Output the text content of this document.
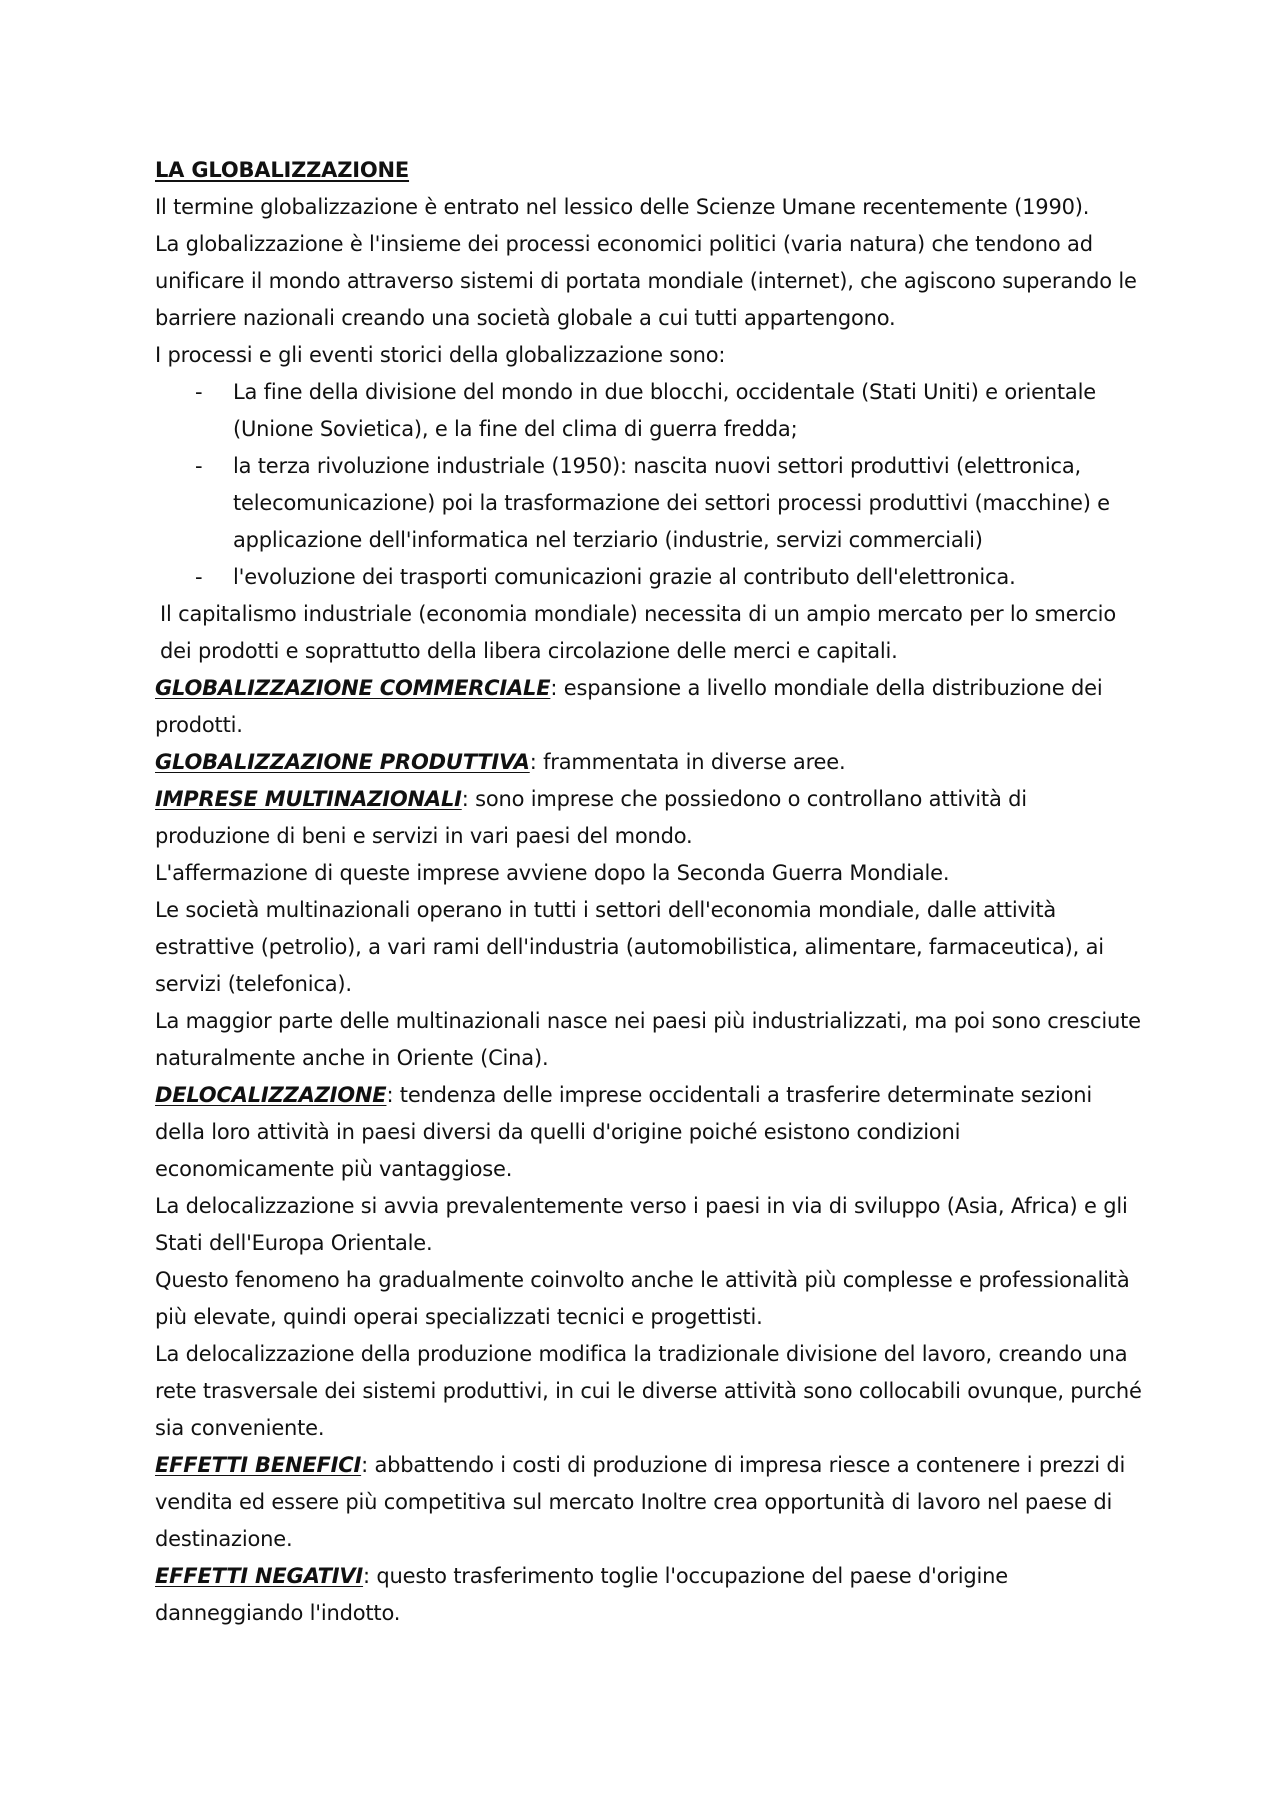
LA GLOBALIZZAZIONE

Il termine globalizzazione è entrato nel lessico delle Scienze Umane recentemente (1990).

La globalizzazione è l'insieme dei processi economici politici (varia natura) che tendono ad unificare il mondo attraverso sistemi di portata mondiale (internet), che agiscono superando le barriere nazionali creando una società globale a cui tutti appartengono.

I processi e gli eventi storici della globalizzazione sono:

- La fine della divisione del mondo in due blocchi, occidentale (Stati Uniti) e orientale (Unione Sovietica), e la fine del clima di guerra fredda;
- la terza rivoluzione industriale (1950): nascita nuovi settori produttivi (elettronica, telecomunicazione) poi la trasformazione dei settori processi produttivi (macchine) e applicazione dell'informatica nel terziario (industrie, servizi commerciali)
- l'evoluzione dei trasporti comunicazioni grazie al contributo dell'elettronica.

Il capitalismo industriale (economia mondiale) necessita di un ampio mercato per lo smercio dei prodotti e soprattutto della libera circolazione delle merci e capitali.

GLOBALIZZAZIONE COMMERCIALE: espansione a livello mondiale della distribuzione dei prodotti.

GLOBALIZZAZIONE PRODUTTIVA: frammentata in diverse aree.

IMPRESE MULTINAZIONALI: sono imprese che possiedono o controllano attività di produzione di beni e servizi in vari paesi del mondo.

L'affermazione di queste imprese avviene dopo la Seconda Guerra Mondiale.

Le società multinazionali operano in tutti i settori dell'economia mondiale, dalle attività estrattive (petrolio), a vari rami dell'industria (automobilistica, alimentare, farmaceutica), ai servizi (telefonica).

La maggior parte delle multinazionali nasce nei paesi più industrializzati, ma poi sono cresciute naturalmente anche in Oriente (Cina).

DELOCALIZZAZIONE: tendenza delle imprese occidentali a trasferire determinate sezioni della loro attività in paesi diversi da quelli d'origine poiché esistono condizioni economicamente più vantaggiose.

La delocalizzazione si avvia prevalentemente verso i paesi in via di sviluppo (Asia, Africa) e gli Stati dell'Europa Orientale.

Questo fenomeno ha gradualmente coinvolto anche le attività più complesse e professionalità più elevate, quindi operai specializzati tecnici e progettisti.

La delocalizzazione della produzione modifica la tradizionale divisione del lavoro, creando una rete trasversale dei sistemi produttivi, in cui le diverse attività sono collocabili ovunque, purché sia conveniente.

EFFETTI BENEFICI: abbattendo i costi di produzione di impresa riesce a contenere i prezzi di vendita ed essere più competitiva sul mercato Inoltre crea opportunità di lavoro nel paese di destinazione.

EFFETTI NEGATIVI: questo trasferimento toglie l'occupazione del paese d'origine danneggiando l'indotto.
